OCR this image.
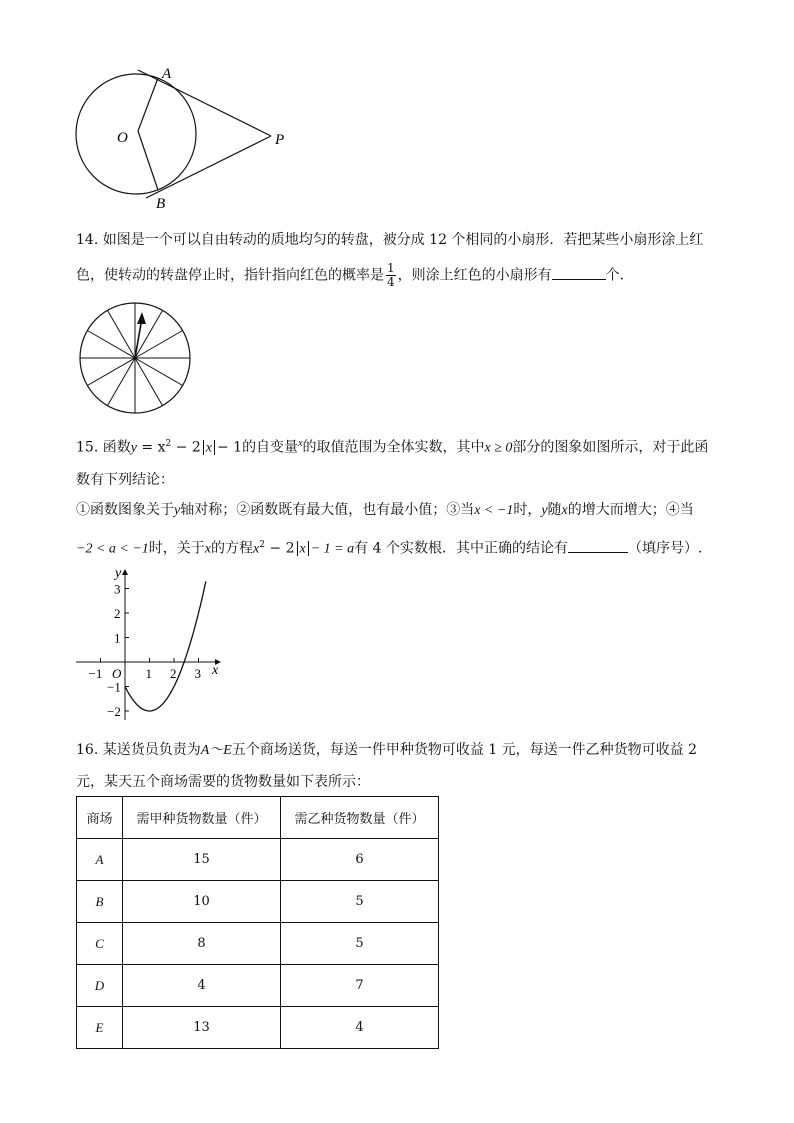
A
B
O	P
14. 如图是一个可以自由转动的质地均匀的转盘，被分成 12 个相同的小扇形．若把某些小扇形涂上红
色，使转动的转盘停止时，指针指向红色的概率是 $\frac{1}{4}$ ，则涂上红色的小扇形有	个．
15. 函数$y = x^2 - 2$ x − 1的自变量$^x$的取值范围为全体实数，其中x ≥ 0部分的图象如图所示，对于此函
数有下列结论：
①函数图象关于y轴对称；②函数既有最大值，也有最小值；③当x < −1时，y随x的增大而增大；④当
−2 < a < −1时，关于x的方程$x^2 - 2$ x − 1 = a有 4 个实数根．其中正确的结论有	（填序号）.
−1	1 2 3
3
2
1
−1
−2
x
y
O
16. 某送货员负责为A～E五个商场送货，每送一件甲种货物可收益 1 元，每送一件乙种货物可收益 2
元，某天五个商场需要的货物数量如下表所示：
商场	需甲种货物数量（件）	需乙种货物数量（件）
A	15	6
B	10	5
C	8	5
D	4	7
E	13	4
